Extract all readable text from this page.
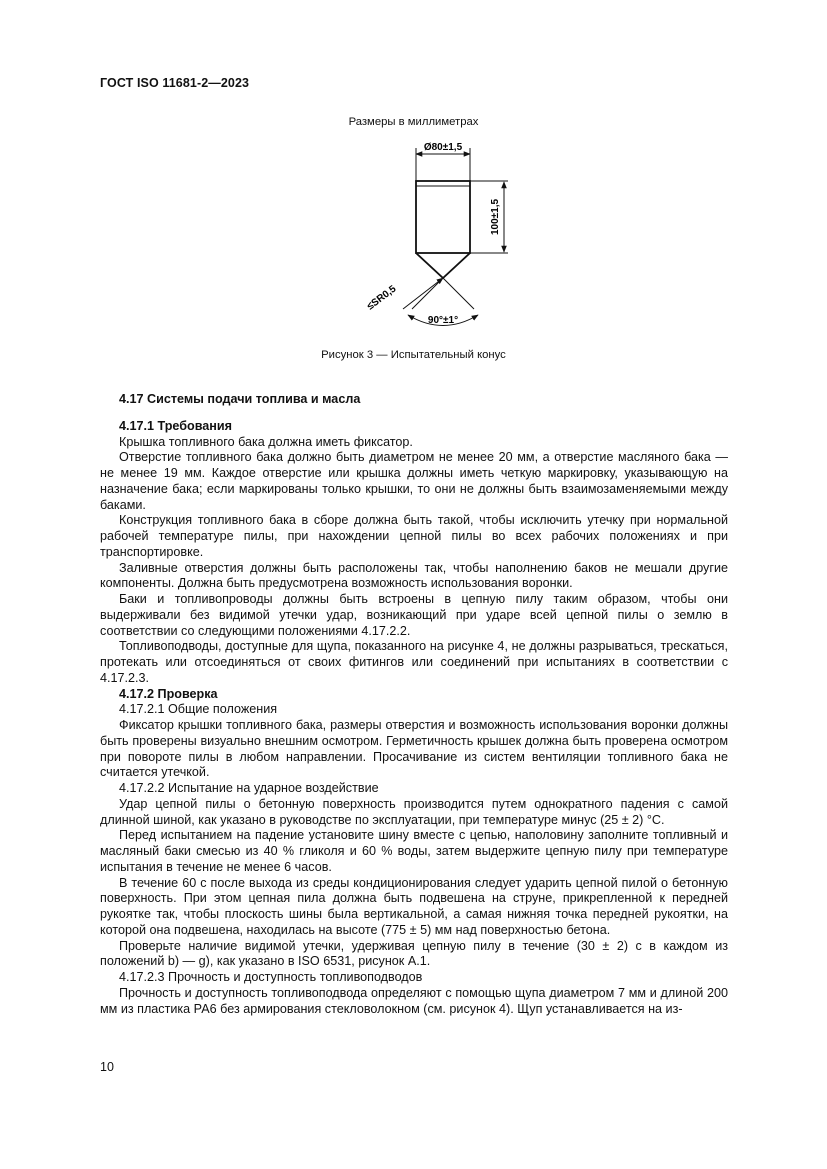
ГОСТ ISO 11681-2—2023
Размеры в миллиметрах
Ø80±1,5
100±1,5
≤SR0,5
90°±1°
Рисунок 3 — Испытательный конус
4.17 Системы подачи топлива и масла
4.17.1 Требования

Крышка топливного бака должна иметь фиксатор.

Отверстие топливного бака должно быть диаметром не менее 20 мм, а отверстие масляного бака — не менее 19 мм. Каждое отверстие или крышка должны иметь четкую маркировку, указывающую на назначение бака; если маркированы только крышки, то они не должны быть взаимозаменяемыми между баками.

Конструкция топливного бака в сборе должна быть такой, чтобы исключить утечку при нормальной рабочей температуре пилы, при нахождении цепной пилы во всех рабочих положениях и при транспортировке.

Заливные отверстия должны быть расположены так, чтобы наполнению баков не мешали другие компоненты. Должна быть предусмотрена возможность использования воронки.

Баки и топливопроводы должны быть встроены в цепную пилу таким образом, чтобы они выдерживали без видимой утечки удар, возникающий при ударе всей цепной пилы о землю в соответствии со следующими положениями 4.17.2.2.

Топливоподводы, доступные для щупа, показанного на рисунке 4, не должны разрываться, трескаться, протекать или отсоединяться от своих фитингов или соединений при испытаниях в соответствии с 4.17.2.3.

4.17.2 Проверка

4.17.2.1 Общие положения

Фиксатор крышки топливного бака, размеры отверстия и возможность использования воронки должны быть проверены визуально внешним осмотром. Герметичность крышек должна быть проверена осмотром при повороте пилы в любом направлении. Просачивание из систем вентиляции топливного бака не считается утечкой.

4.17.2.2 Испытание на ударное воздействие

Удар цепной пилы о бетонную поверхность производится путем однократного падения с самой длинной шиной, как указано в руководстве по эксплуатации, при температуре минус (25 ± 2) °С.

Перед испытанием на падение установите шину вместе с цепью, наполовину заполните топливный и масляный баки смесью из 40 % гликоля и 60 % воды, затем выдержите цепную пилу при температуре испытания в течение не менее 6 часов.

В течение 60 с после выхода из среды кондиционирования следует ударить цепной пилой о бетонную поверхность. При этом цепная пила должна быть подвешена на струне, прикрепленной к передней рукоятке так, чтобы плоскость шины была вертикальной, а самая нижняя точка передней рукоятки, на которой она подвешена, находилась на высоте (775 ± 5) мм над поверхностью бетона.

Проверьте наличие видимой утечки, удерживая цепную пилу в течение (30 ± 2) с в каждом из положений b) — g), как указано в ISO 6531, рисунок А.1.

4.17.2.3 Прочность и доступность топливоподводов

Прочность и доступность топливоподвода определяют с помощью щупа диаметром 7 мм и длиной 200 мм из пластика РА6 без армирования стекловолокном (см. рисунок 4). Щуп устанавливается на из-

10
